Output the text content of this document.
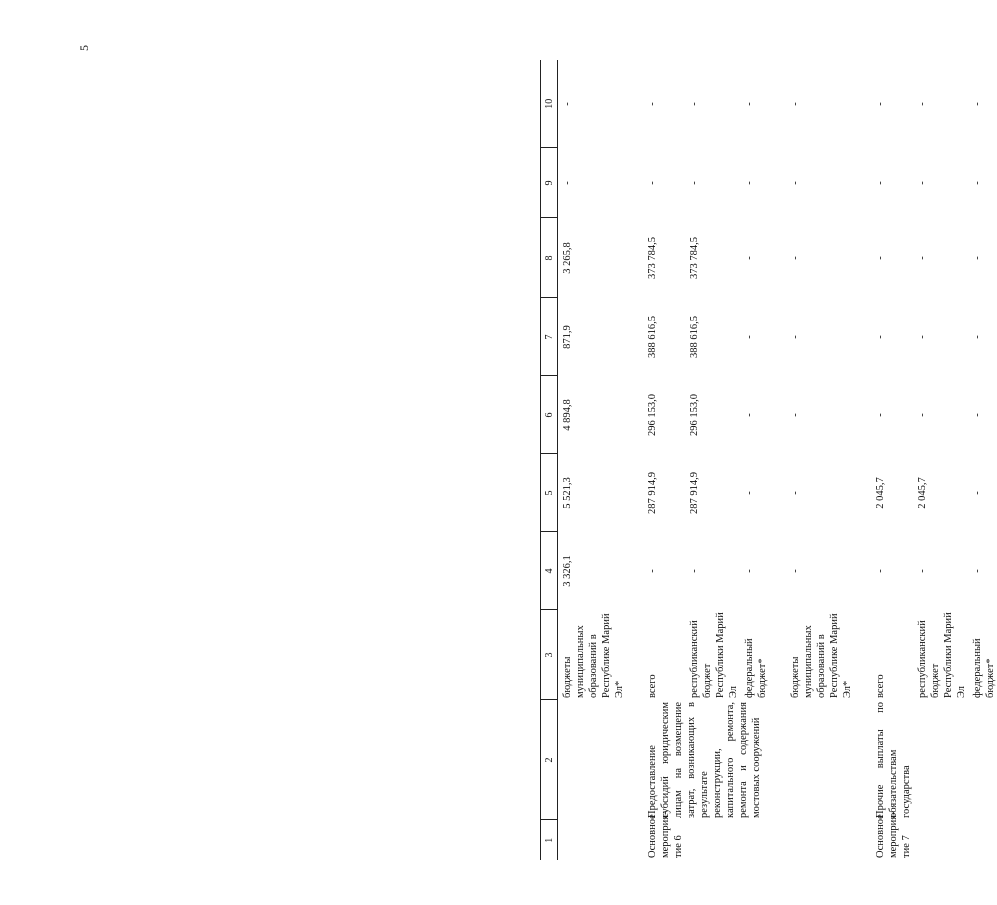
5
1	2	3	4	5	6	7	8	9	10
		бюджеты муниципальных образований в Республике Марий Эл*	3 326,1	5 521,3	4 894,8	871,9	3 265,8	-	-

Основное мероприя-тие 6	Предоставление субсидий юридическим лицам на возмещение затрат, возникающих в результате реконструкции, капитального ремонта, ремонта и содержания мостовых сооружений	всего	-	287 914,9	296 153,0	388 616,5	373 784,5	-	-
		республиканский бюджет Республики Марий Эл	-	287 914,9	296 153,0	388 616,5	373 784,5	-	-
		федеральный бюджет*	-	-	-	-	-	-	-

		бюджеты муниципальных образований в Республике Марий Эл*	-	-	-	-	-	-	-

Основное мероприя-тие 7	Прочие выплаты по обязательствам государства	всего	-	2 045,7	-	-	-	-	-
		республиканский бюджет Республики Марий Эл	-	2 045,7	-	-	-	-	-
		федеральный бюджет*	-	-	-	-	-	-	-
